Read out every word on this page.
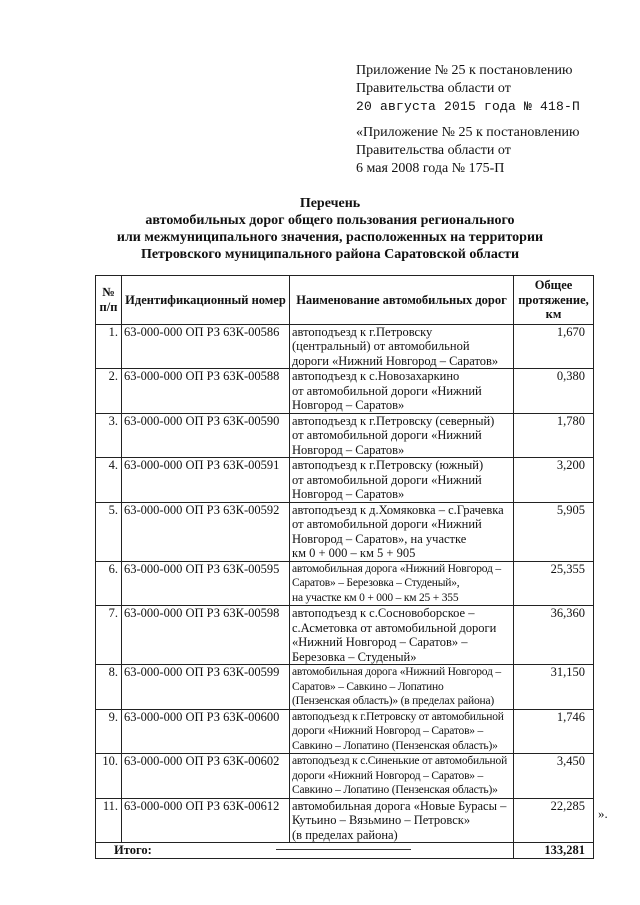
Приложение № 25 к постановлению
Правительства области от
20 августа 2015 года № 418-П
«Приложение № 25 к постановлению
Правительства области от
6 мая 2008 года № 175-П
Перечень
автомобильных дорог общего пользования регионального
или межмуниципального значения, расположенных на территории
Петровского муниципального района Саратовской области
№ п/п	Идентификационный номер	Наименование автомобильных дорог	Общее протяжение, км
1.	63-000-000 ОП РЗ 63К-00586	автоподъезд к г.Петровску
(центральный) от автомобильной
дороги «Нижний Новгород – Саратов»	1,670
2.	63-000-000 ОП РЗ 63К-00588	автоподъезд к с.Новозахаркино
от автомобильной дороги «Нижний
Новгород – Саратов»	0,380
3.	63-000-000 ОП РЗ 63К-00590	автоподъезд к г.Петровску (северный)
от автомобильной дороги «Нижний
Новгород – Саратов»	1,780
4.	63-000-000 ОП РЗ 63К-00591	автоподъезд к г.Петровску (южный)
от автомобильной дороги «Нижний
Новгород – Саратов»	3,200
5.	63-000-000 ОП РЗ 63К-00592	автоподъезд к д.Хомяковка – с.Грачевка
от автомобильной дороги «Нижний
Новгород – Саратов», на участке
км 0 + 000 – км 5 + 905	5,905
6.	63-000-000 ОП РЗ 63К-00595	автомобильная дорога «Нижний Новгород –
Саратов» – Березовка – Студеный»,
на участке км 0 + 000 – км 25 + 355	25,355
7.	63-000-000 ОП РЗ 63К-00598	автоподъезд к с.Сосновоборское –
с.Асметовка от автомобильной дороги
«Нижний Новгород – Саратов» –
Березовка – Студеный»	36,360
8.	63-000-000 ОП РЗ 63К-00599	автомобильная дорога «Нижний Новгород –
Саратов» – Савкино – Лопатино
(Пензенская область)» (в пределах района)	31,150
9.	63-000-000 ОП РЗ 63К-00600	автоподъезд к г.Петровску от автомобильной
дороги «Нижний Новгород – Саратов» –
Савкино – Лопатино (Пензенская область)»	1,746
10.	63-000-000 ОП РЗ 63К-00602	автоподъезд к с.Синенькие от автомобильной
дороги «Нижний Новгород – Саратов» –
Савкино – Лопатино (Пензенская область)»	3,450
11.	63-000-000 ОП РЗ 63К-00612	автомобильная дорога «Новые Бурасы –
Кутьино – Вязьмино – Петровск»
(в пределах района)	22,285
Итого:			133,281
».
